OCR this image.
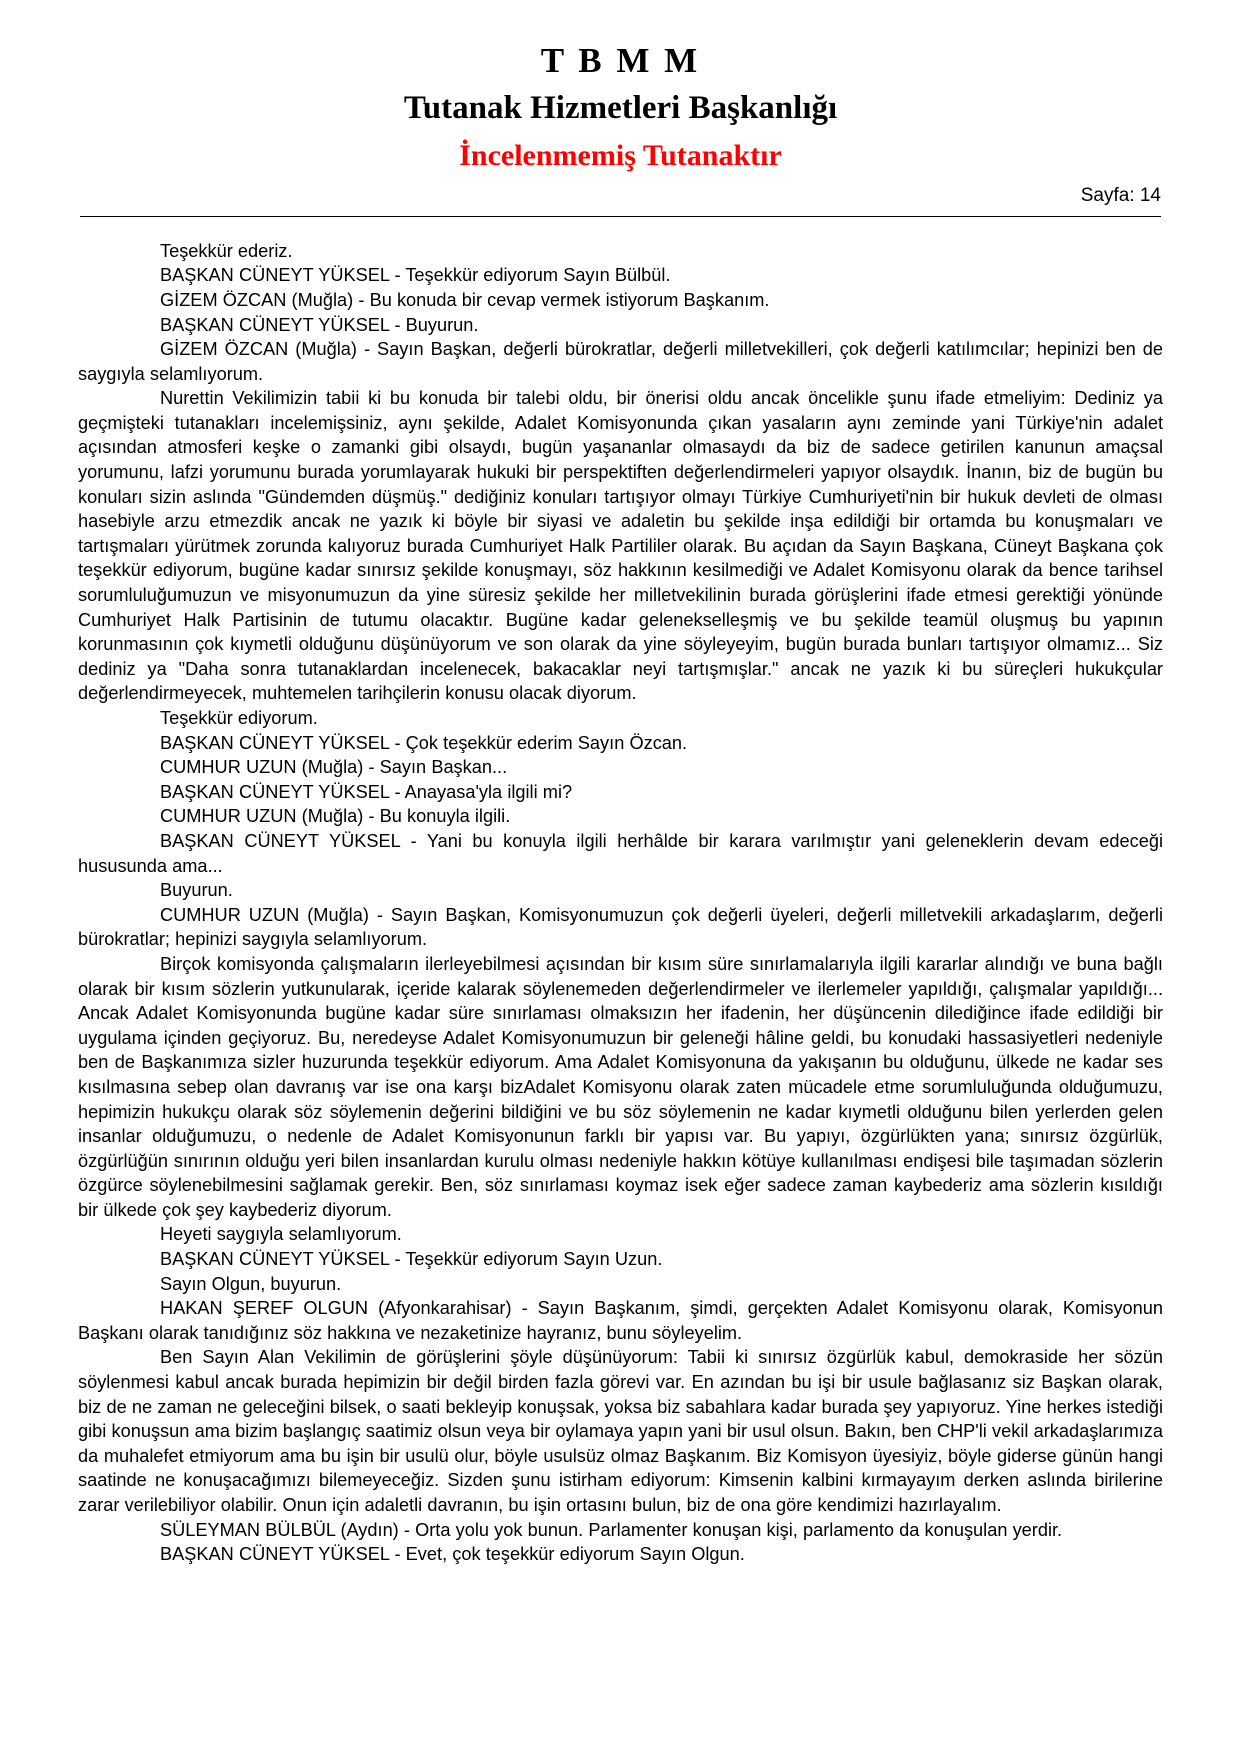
T B M M
Tutanak Hizmetleri Başkanlığı
İncelenmemiş Tutanaktır
Sayfa: 14
Teşekkür ederiz.
BAŞKAN CÜNEYT YÜKSEL - Teşekkür ediyorum Sayın Bülbül.
GİZEM ÖZCAN (Muğla) - Bu konuda bir cevap vermek istiyorum Başkanım.
BAŞKAN CÜNEYT YÜKSEL - Buyurun.
GİZEM ÖZCAN (Muğla) - Sayın Başkan, değerli bürokratlar, değerli milletvekilleri, çok değerli katılımcılar; hepinizi ben de saygıyla selamlıyorum.
Nurettin Vekilimizin tabii ki bu konuda bir talebi oldu, bir önerisi oldu ancak öncelikle şunu ifade etmeliyim: Dediniz ya geçmişteki tutanakları incelemişsiniz, aynı şekilde, Adalet Komisyonunda çıkan yasaların aynı zeminde yani Türkiye'nin adalet açısından atmosferi keşke o zamanki gibi olsaydı, bugün yaşananlar olmasaydı da biz de sadece getirilen kanunun amaçsal yorumunu, lafzi yorumunu burada yorumlayarak hukuki bir perspektiften değerlendirmeleri yapıyor olsaydık. İnanın, biz de bugün bu konuları sizin aslında "Gündemden düşmüş." dediğiniz konuları tartışıyor olmayı Türkiye Cumhuriyeti'nin bir hukuk devleti de olması hasebiyle arzu etmezdik ancak ne yazık ki böyle bir siyasi ve adaletin bu şekilde inşa edildiği bir ortamda bu konuşmaları ve tartışmaları yürütmek zorunda kalıyoruz burada Cumhuriyet Halk Partililer olarak. Bu açıdan da Sayın Başkana, Cüneyt Başkana çok teşekkür ediyorum, bugüne kadar sınırsız şekilde konuşmayı, söz hakkının kesilmediği ve Adalet Komisyonu olarak da bence tarihsel sorumluluğumuzun ve misyonumuzun da yine süresiz şekilde her milletvekilinin burada görüşlerini ifade etmesi gerektiği yönünde Cumhuriyet Halk Partisinin de tutumu olacaktır. Bugüne kadar gelenekselleşmiş ve bu şekilde teamül oluşmuş bu yapının korunmasının çok kıymetli olduğunu düşünüyorum ve son olarak da yine söyleyeyim, bugün burada bunları tartışıyor olmamız... Siz dediniz ya "Daha sonra tutanaklardan incelenecek, bakacaklar neyi tartışmışlar." ancak ne yazık ki bu süreçleri hukukçular değerlendirmeyecek, muhtemelen tarihçilerin konusu olacak diyorum.
Teşekkür ediyorum.
BAŞKAN CÜNEYT YÜKSEL - Çok teşekkür ederim Sayın Özcan.
CUMHUR UZUN (Muğla) - Sayın Başkan...
BAŞKAN CÜNEYT YÜKSEL - Anayasa'yla ilgili mi?
CUMHUR UZUN (Muğla) - Bu konuyla ilgili.
BAŞKAN CÜNEYT YÜKSEL - Yani bu konuyla ilgili herhâlde bir karara varılmıştır yani geleneklerin devam edeceği hususunda ama...
Buyurun.
CUMHUR UZUN (Muğla) - Sayın Başkan, Komisyonumuzun çok değerli üyeleri, değerli milletvekili arkadaşlarım, değerli bürokratlar; hepinizi saygıyla selamlıyorum.
Birçok komisyonda çalışmaların ilerleyebilmesi açısından bir kısım süre sınırlamalarıyla ilgili kararlar alındığı ve buna bağlı olarak bir kısım sözlerin yutkunularak, içeride kalarak söylenemeden değerlendirmeler ve ilerlemeler yapıldığı, çalışmalar yapıldığı... Ancak Adalet Komisyonunda bugüne kadar süre sınırlaması olmaksızın her ifadenin, her düşüncenin dilediğince ifade edildiği bir uygulama içinden geçiyoruz. Bu, neredeyse Adalet Komisyonumuzun bir geleneği hâline geldi, bu konudaki hassasiyetleri nedeniyle ben de Başkanımıza sizler huzurunda teşekkür ediyorum. Ama Adalet Komisyonuna da yakışanın bu olduğunu, ülkede ne kadar ses kısılmasına sebep olan davranış var ise ona karşı bizAdalet Komisyonu olarak zaten mücadele etme sorumluluğunda olduğumuzu, hepimizin hukukçu olarak söz söylemenin değerini bildiğini ve bu söz söylemenin ne kadar kıymetli olduğunu bilen yerlerden gelen insanlar olduğumuzu, o nedenle de Adalet Komisyonunun farklı bir yapısı var. Bu yapıyı, özgürlükten yana; sınırsız özgürlük, özgürlüğün sınırının olduğu yeri bilen insanlardan kurulu olması nedeniyle hakkın kötüye kullanılması endişesi bile taşımadan sözlerin özgürce söylenebilmesini sağlamak gerekir. Ben, söz sınırlaması koymaz isek eğer sadece zaman kaybederiz ama sözlerin kısıldığı bir ülkede çok şey kaybederiz diyorum.
Heyeti saygıyla selamlıyorum.
BAŞKAN CÜNEYT YÜKSEL - Teşekkür ediyorum Sayın Uzun.
Sayın Olgun, buyurun.
HAKAN ŞEREF OLGUN (Afyonkarahisar) - Sayın Başkanım, şimdi, gerçekten Adalet Komisyonu olarak, Komisyonun Başkanı olarak tanıdığınız söz hakkına ve nezaketinize hayranız, bunu söyleyelim.
Ben Sayın Alan Vekilimin de görüşlerini şöyle düşünüyorum: Tabii ki sınırsız özgürlük kabul, demokraside her sözün söylenmesi kabul ancak burada hepimizin bir değil birden fazla görevi var. En azından bu işi bir usule bağlasanız siz Başkan olarak, biz de ne zaman ne geleceğini bilsek, o saati bekleyip konuşsak, yoksa biz sabahlara kadar burada şey yapıyoruz. Yine herkes istediği gibi konuşsun ama bizim başlangıç saatimiz olsun veya bir oylamaya yapın yani bir usul olsun. Bakın, ben CHP'li vekil arkadaşlarımıza da muhalefet etmiyorum ama bu işin bir usulü olur, böyle usulsüz olmaz Başkanım. Biz Komisyon üyesiyiz, böyle giderse günün hangi saatinde ne konuşacağımızı bilemeyeceğiz. Sizden şunu istirham ediyorum: Kimsenin kalbini kırmayayım derken aslında birilerine zarar verilebiliyor olabilir. Onun için adaletli davranın, bu işin ortasını bulun, biz de ona göre kendimizi hazırlayalım.
SÜLEYMAN BÜLBÜL (Aydın) - Orta yolu yok bunun. Parlamenter konuşan kişi, parlamento da konuşulan yerdir.
BAŞKAN CÜNEYT YÜKSEL - Evet, çok teşekkür ediyorum Sayın Olgun.
